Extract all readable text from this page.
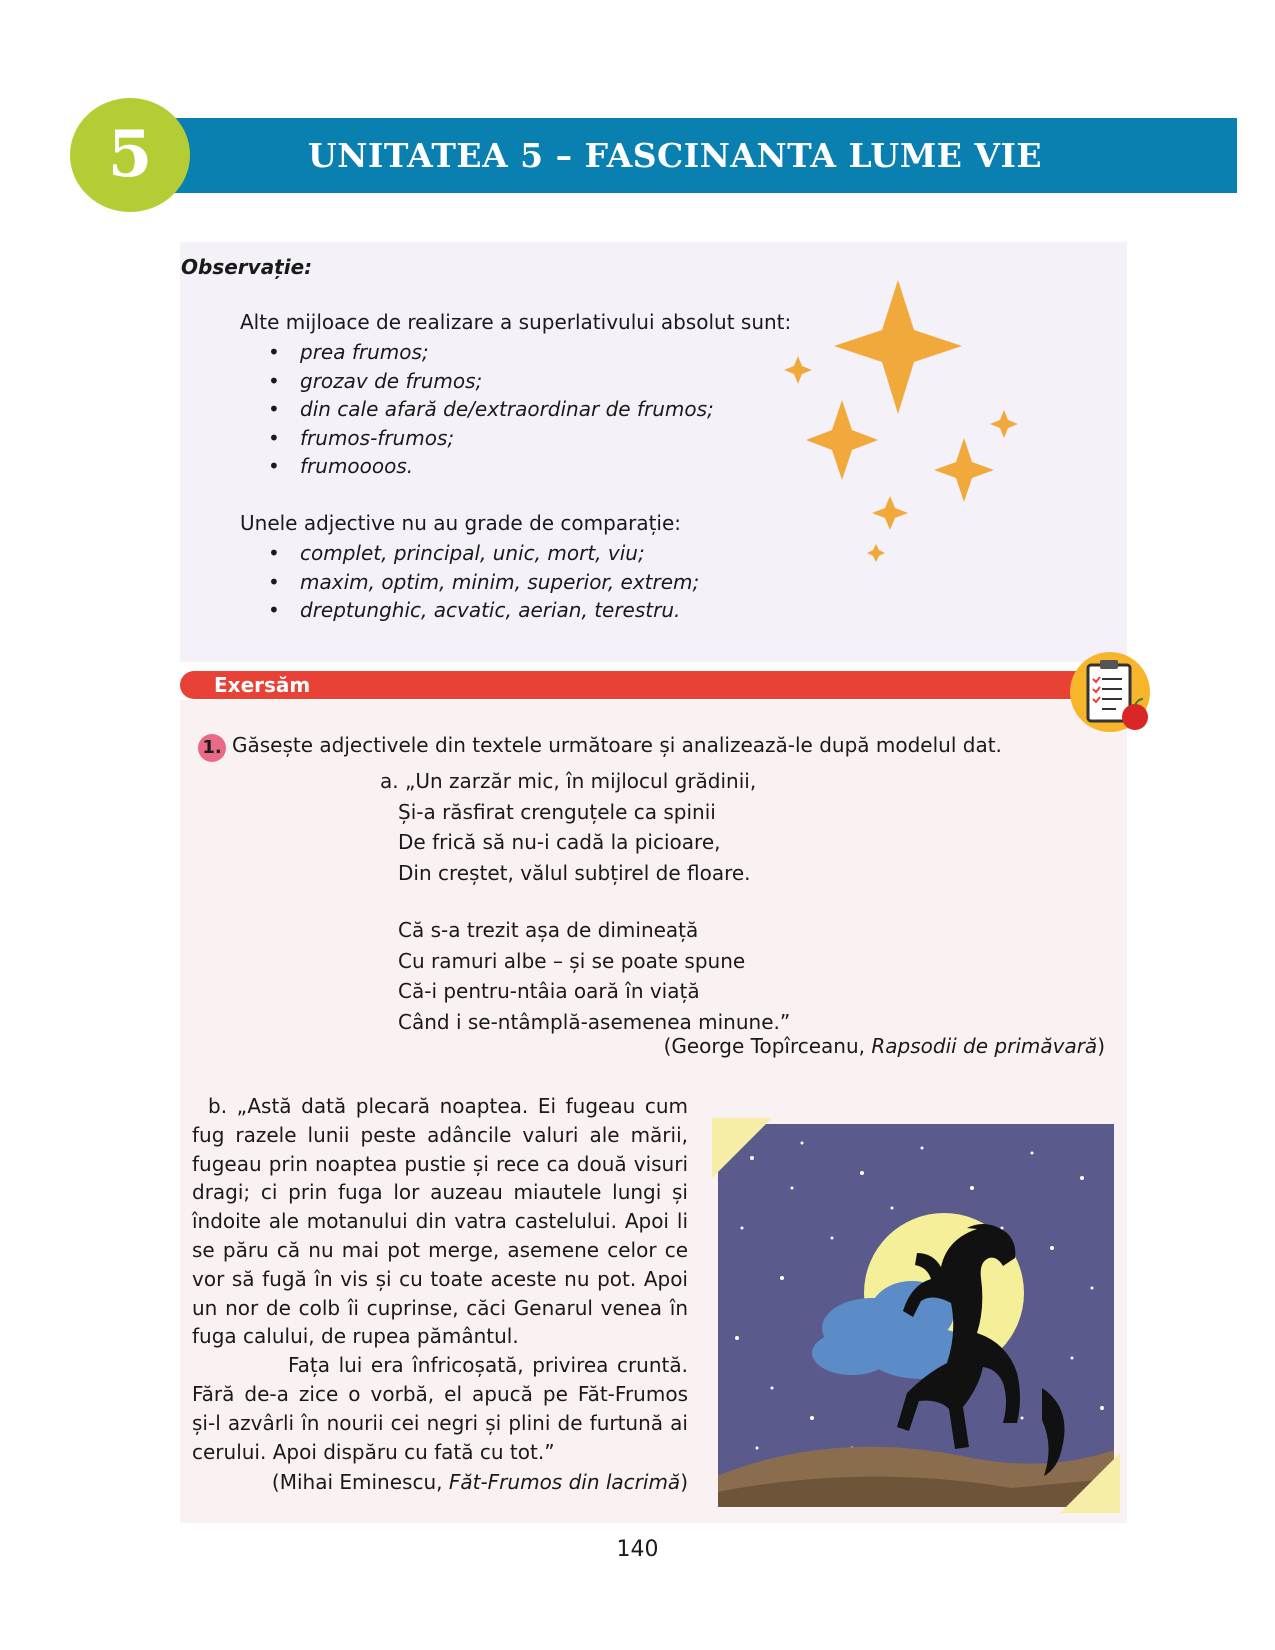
UNITATEA 5 – FASCINANTA LUME VIE
5
Observație:
Alte mijloace de realizare a superlativului absolut sunt:
• prea frumos;
• grozav de frumos;
• din cale afară de/extraordinar de frumos;
• frumos-frumos;
• frumoooos.
Unele adjective nu au grade de comparație:
• complet, principal, unic, mort, viu;
• maxim, optim, minim, superior, extrem;
• dreptunghic, acvatic, aerian, terestru.
Exersăm
1. Găsește adjectivele din textele următoare și analizează-le după modelul dat.
a. „Un zarzăr mic, în mijlocul grădinii,
Și-a răsfirat crenguțele ca spinii
De frică să nu-i cadă la picioare,
Din creștet, vălul subțirel de floare.
Că s-a trezit așa de dimineață
Cu ramuri albe – și se poate spune
Că-i pentru-ntâia oară în viață
Când i se-ntâmplă-asemenea minune.”
(George Topîrceanu, Rapsodii de primăvară)

b. „Astă dată plecară noaptea. Ei fugeau cum fug razele lunii peste adâncile valuri ale mării, fugeau prin noaptea pustie și rece ca două visuri dragi; ci prin fuga lor auzeau miautele lungi și îndoite ale motanului din vatra castelului. Apoi li se păru că nu mai pot merge, asemene celor ce vor să fugă în vis și cu toate aceste nu pot. Apoi un nor de colb îi cuprinse, căci Genarul venea în fuga calului, de rupea pământul.

Fața lui era înfricoșată, privirea cruntă. Fără de-a zice o vorbă, el apucă pe Făt-Frumos și-l azvârli în nourii cei negri și plini de furtună ai cerului. Apoi dispăru cu fată cu tot.”

(Mihai Eminescu, Făt-Frumos din lacrimă)
140
